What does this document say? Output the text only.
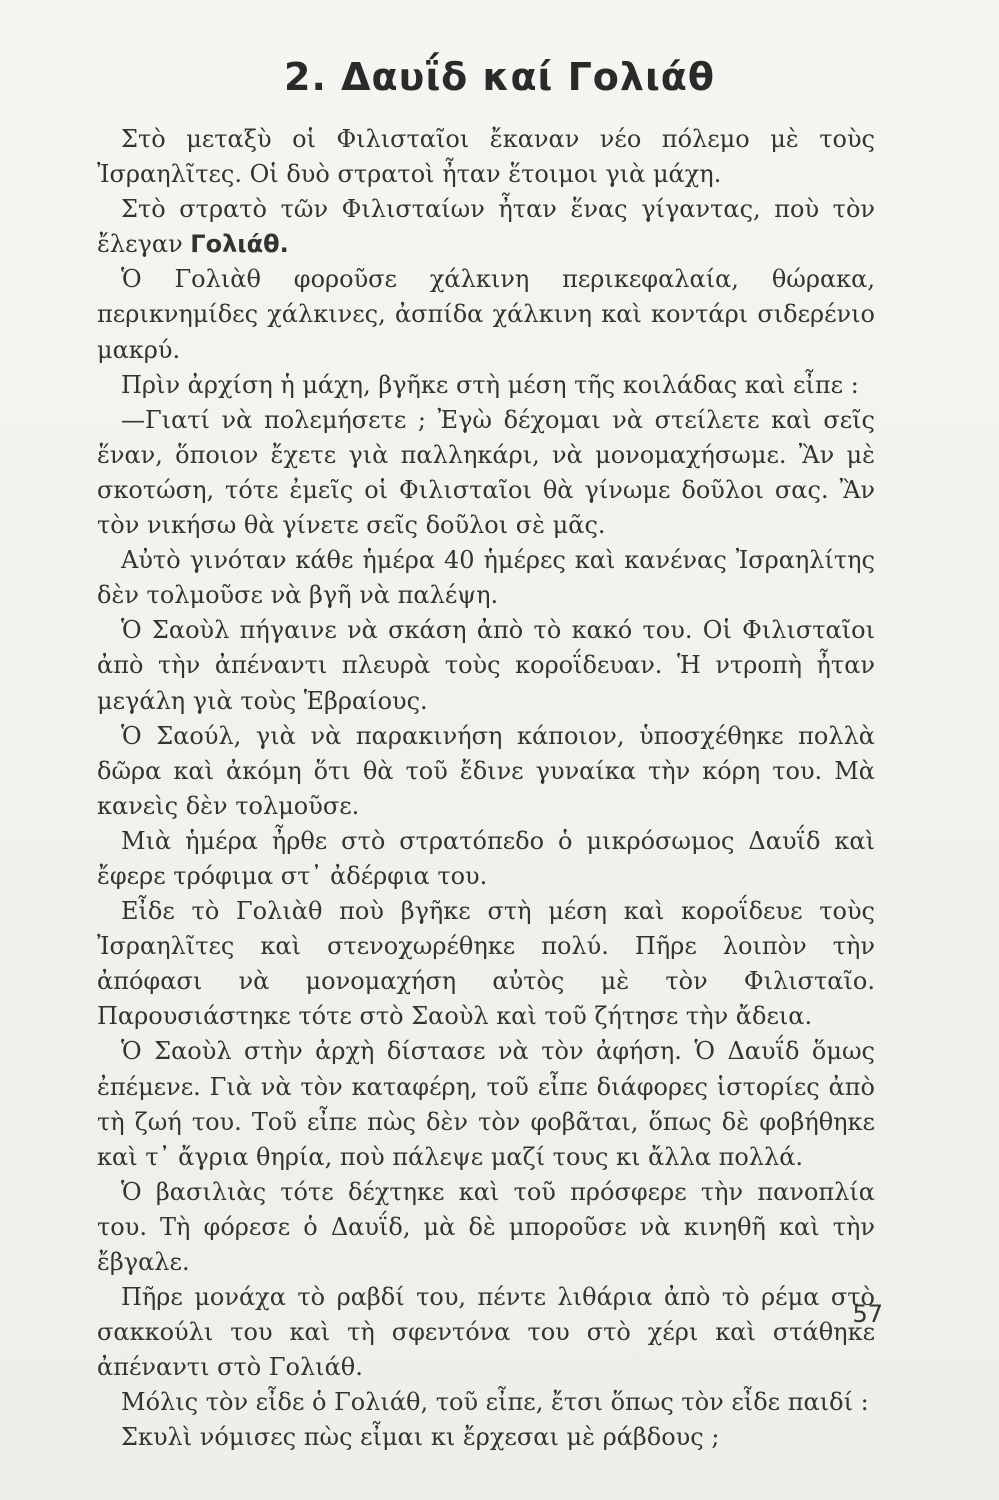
2. Δαυΐδ καί Γολιάθ

 Στὸ μεταξὺ οἱ Φιλισταῖοι ἔκαναν νέο πόλεμο μὲ τοὺς Ἰσραηλῖτες. Οἱ δυὸ στρατοὶ ἦταν ἕτοιμοι γιὰ μάχη.

 Στὸ στρατὸ τῶν Φιλισταίων ἦταν ἕνας γίγαντας, ποὺ τὸν ἔλεγαν Γολιάθ.

 Ὁ Γολιὰθ φοροῦσε χάλκινη περικεφαλαία, θώρακα, περικνημίδες χάλκινες, ἀσπίδα χάλκινη καὶ κοντάρι σιδερένιο μακρύ.

 Πρὶν ἀρχίση ἡ μάχη, βγῆκε στὴ μέση τῆς κοιλάδας καὶ εἶπε :

 —Γιατί νὰ πολεμήσετε ; Ἐγὼ δέχομαι νὰ στείλετε καὶ σεῖς ἕναν, ὅποιον ἔχετε γιὰ παλληκάρι, νὰ μονομαχήσωμε. Ἂν μὲ σκοτώση, τότε ἐμεῖς οἱ Φιλισταῖοι θὰ γίνωμε δοῦλοι σας. Ἂν τὸν νικήσω θὰ γίνετε σεῖς δοῦλοι σὲ μᾶς.

 Αὐτὸ γινόταν κάθε ἡμέρα 40 ἡμέρες καὶ κανένας Ἰσραηλίτης δὲν τολμοῦσε νὰ βγῆ νὰ παλέψη.

 Ὁ Σαοὺλ πήγαινε νὰ σκάση ἀπὸ τὸ κακό του. Οἱ Φιλισταῖοι ἀπὸ τὴν ἀπέναντι πλευρὰ τοὺς κοροΐδευαν. Ἡ ντροπὴ ἦταν μεγάλη γιὰ τοὺς Ἑβραίους.

 Ὁ Σαούλ, γιὰ νὰ παρακινήση κάποιον, ὑποσχέθηκε πολλὰ δῶρα καὶ ἀκόμη ὅτι θὰ τοῦ ἔδινε γυναίκα τὴν κόρη του. Μὰ κανεὶς δὲν τολμοῦσε.

 Μιὰ ἡμέρα ἦρθε στὸ στρατόπεδο ὁ μικρόσωμος Δαυΐδ καὶ ἔφερε τρόφιμα στ᾽ ἀδέρφια του.

 Εἶδε τὸ Γολιὰθ ποὺ βγῆκε στὴ μέση καὶ κοροΐδευε τοὺς Ἰσραηλῖτες καὶ στενοχωρέθηκε πολύ. Πῆρε λοιπὸν τὴν ἀπόφασι νὰ μονομαχήση αὐτὸς μὲ τὸν Φιλισταῖο. Παρουσιάστηκε τότε στὸ Σαοὺλ καὶ τοῦ ζήτησε τὴν ἄδεια.

 Ὁ Σαοὺλ στὴν ἀρχὴ δίστασε νὰ τὸν ἀφήση. Ὁ Δαυΐδ ὅμως ἐπέμενε. Γιὰ νὰ τὸν καταφέρη, τοῦ εἶπε διάφορες ἱστορίες ἀπὸ τὴ ζωή του. Τοῦ εἶπε πὼς δὲν τὸν φοβᾶται, ὅπως δὲ φοβήθηκε καὶ τ᾽ ἄγρια θηρία, ποὺ πάλεψε μαζί τους κι ἄλλα πολλά.

 Ὁ βασιλιὰς τότε δέχτηκε καὶ τοῦ πρόσφερε τὴν πανοπλία του. Τὴ φόρεσε ὁ Δαυΐδ, μὰ δὲ μποροῦσε νὰ κινηθῆ καὶ τὴν ἔβγαλε.

 Πῆρε μονάχα τὸ ραβδί του, πέντε λιθάρια ἀπὸ τὸ ρέμα στὸ σακκούλι του καὶ τὴ σφεντόνα του στὸ χέρι καὶ στάθηκε ἀπέναντι στὸ Γολιάθ.

 Μόλις τὸν εἶδε ὁ Γολιάθ, τοῦ εἶπε, ἔτσι ὅπως τὸν εἶδε παιδί :

 Σκυλὶ νόμισες πὼς εἶμαι κι ἔρχεσαι μὲ ράβδους ;

57
